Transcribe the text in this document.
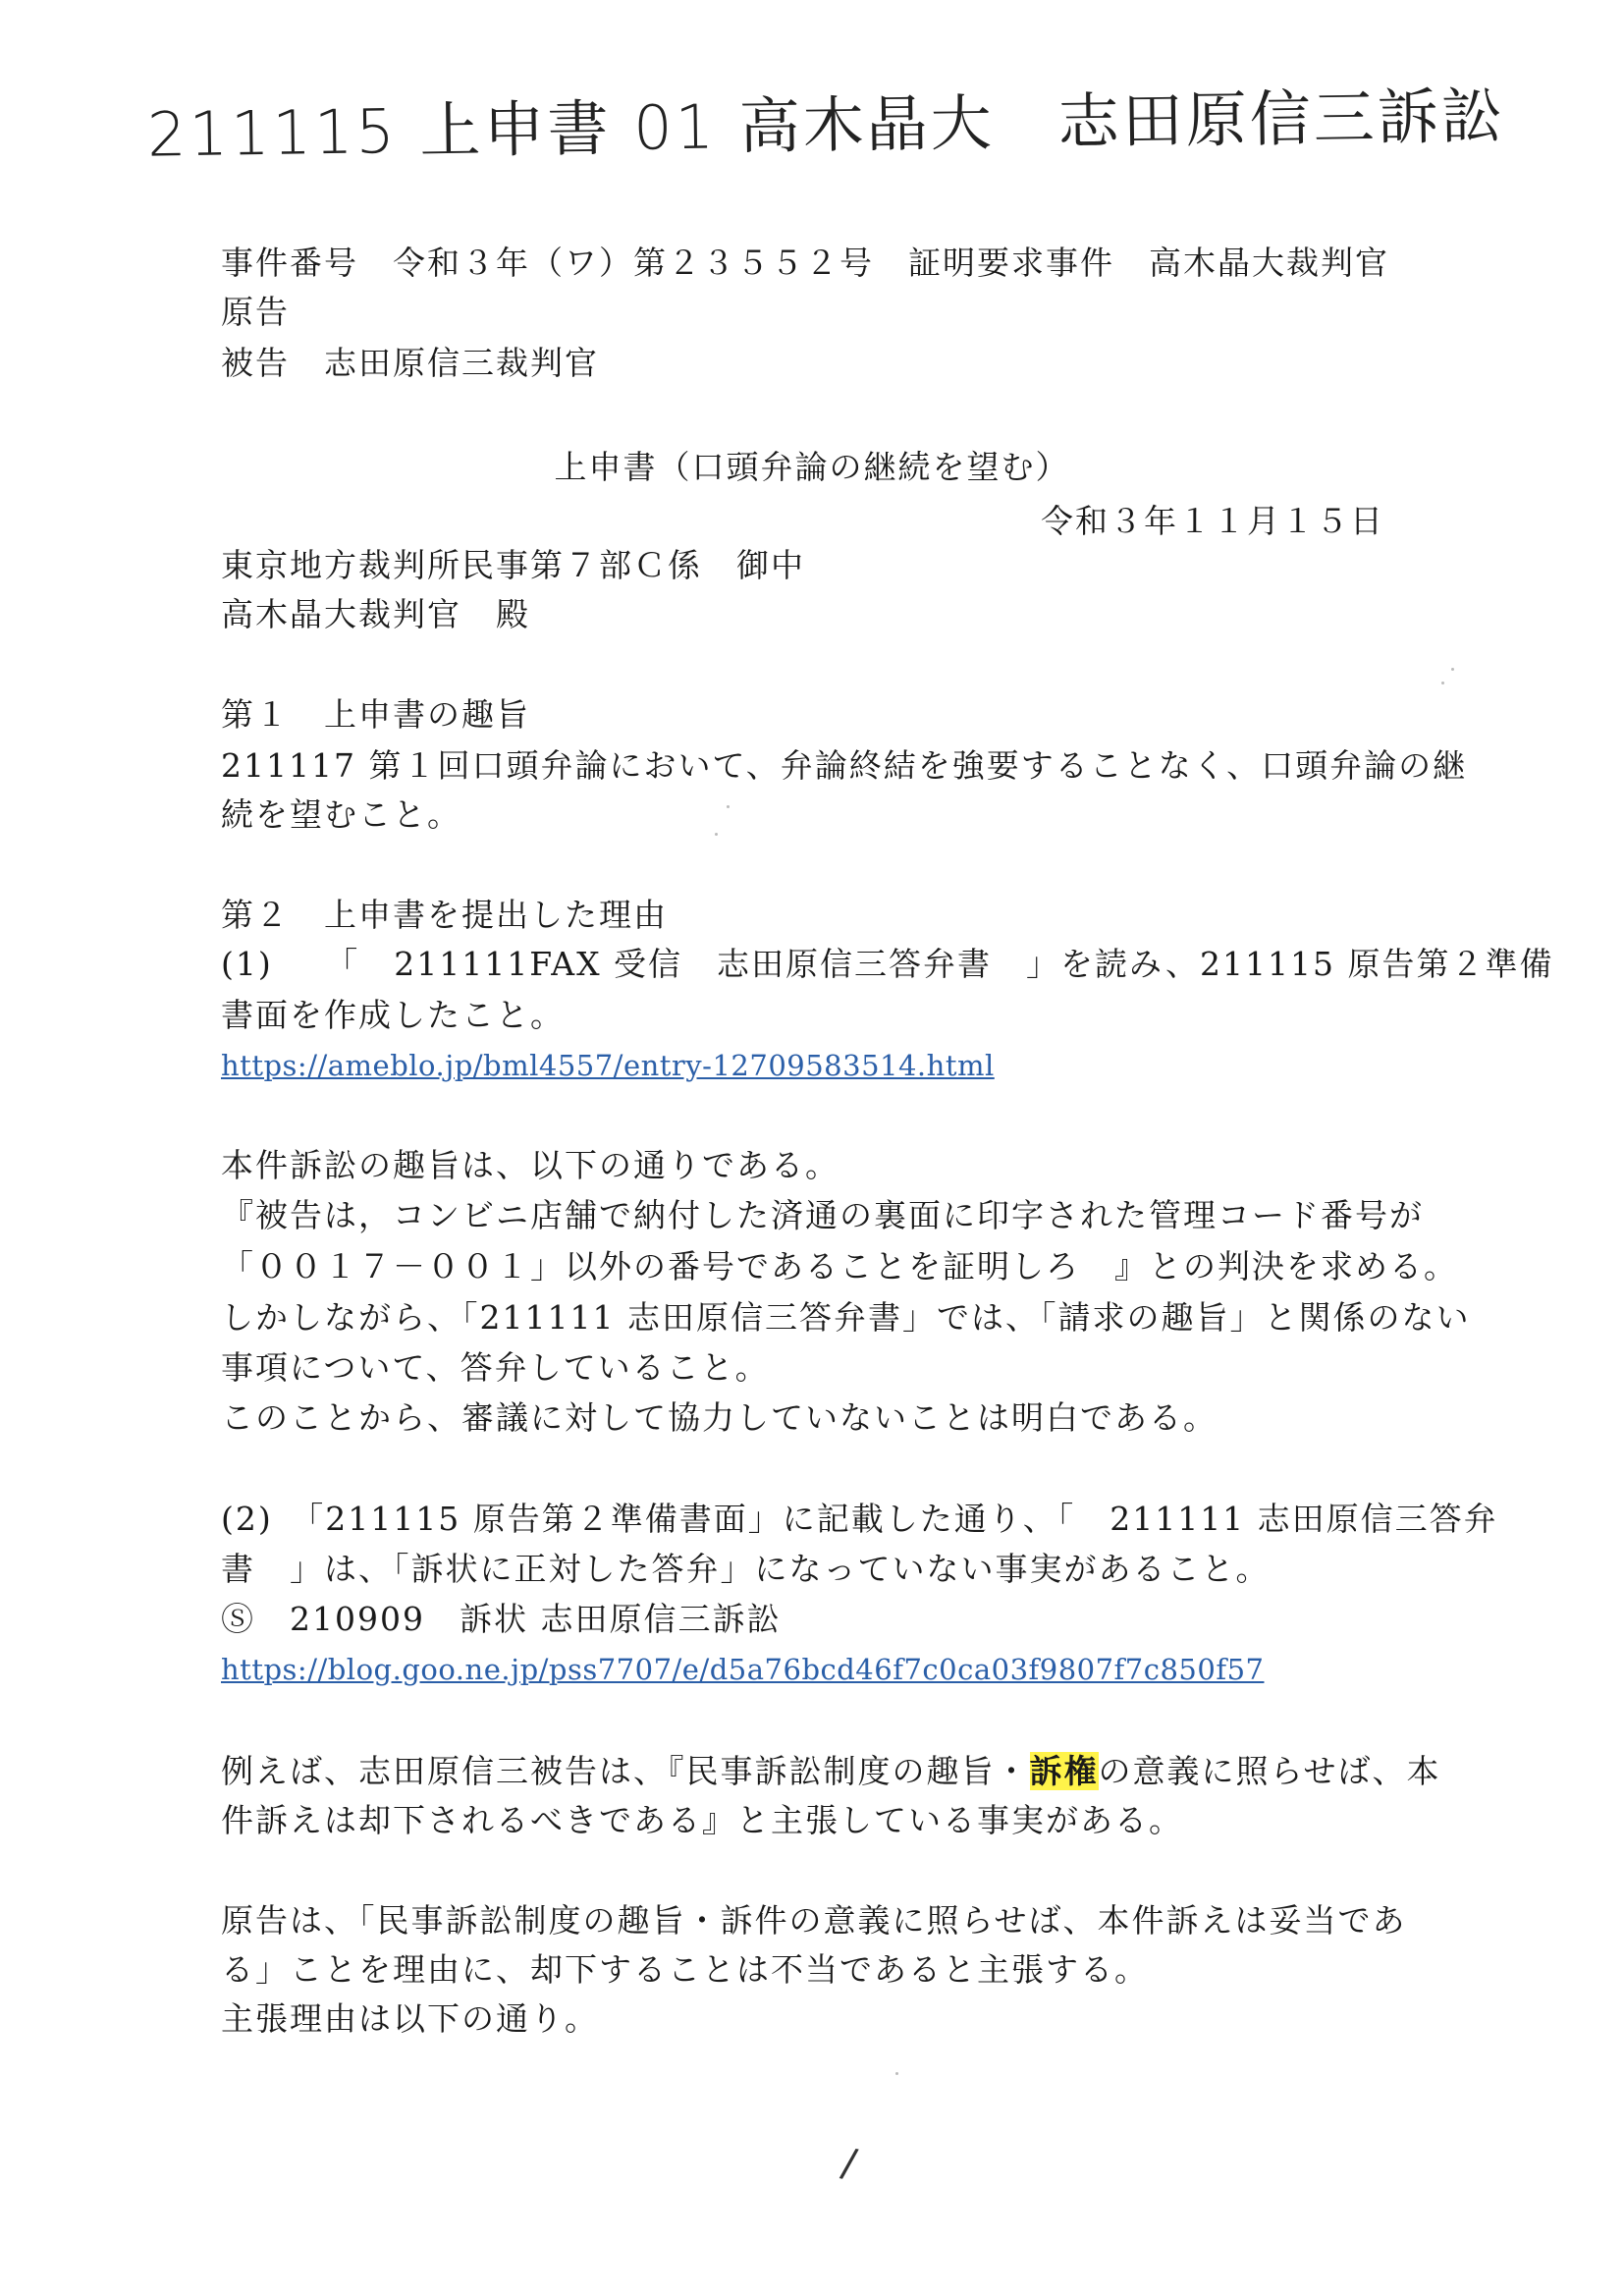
211115 上申書 01 高木晶大　志田原信三訴訟
事件番号　令和３年（ワ）第２３５５２号　証明要求事件　高木晶大裁判官
原告
被告　志田原信三裁判官
上申書（口頭弁論の継続を望む）
令和３年１１月１５日
東京地方裁判所民事第７部Ｃ係　御中
高木晶大裁判官　殿
第１　上申書の趣旨
211117 第１回口頭弁論において、弁論終結を強要することなく、口頭弁論の継
続を望むこと。
第２　上申書を提出した理由
(1)　　「　211111FAX 受信　志田原信三答弁書　」を読み、211115 原告第２準備
書面を作成したこと。
https://ameblo.jp/bml4557/entry-12709583514.html
本件訴訟の趣旨は、以下の通りである。
『被告は，コンビニ店舗で納付した済通の裏面に印字された管理コード番号が
「００１７－００１」以外の番号であることを証明しろ　』との判決を求める。
しかしながら、「211111 志田原信三答弁書」では、「請求の趣旨」と関係のない
事項について、答弁していること。
このことから、審議に対して協力していないことは明白である。
(2)　「211115 原告第２準備書面」に記載した通り、「　211111 志田原信三答弁
書　」は、「訴状に正対した答弁」になっていない事実があること。
Ⓢ　210909　訴状 志田原信三訴訟
https://blog.goo.ne.jp/pss7707/e/d5a76bcd46f7c0ca03f9807f7c850f57
例えば、志田原信三被告は、『民事訴訟制度の趣旨・訴権の意義に照らせば、本
件訴えは却下されるべきである』と主張している事実がある。
原告は、「民事訴訟制度の趣旨・訴件の意義に照らせば、本件訴えは妥当であ
る」ことを理由に、却下することは不当であると主張する。
主張理由は以下の通り。
/
